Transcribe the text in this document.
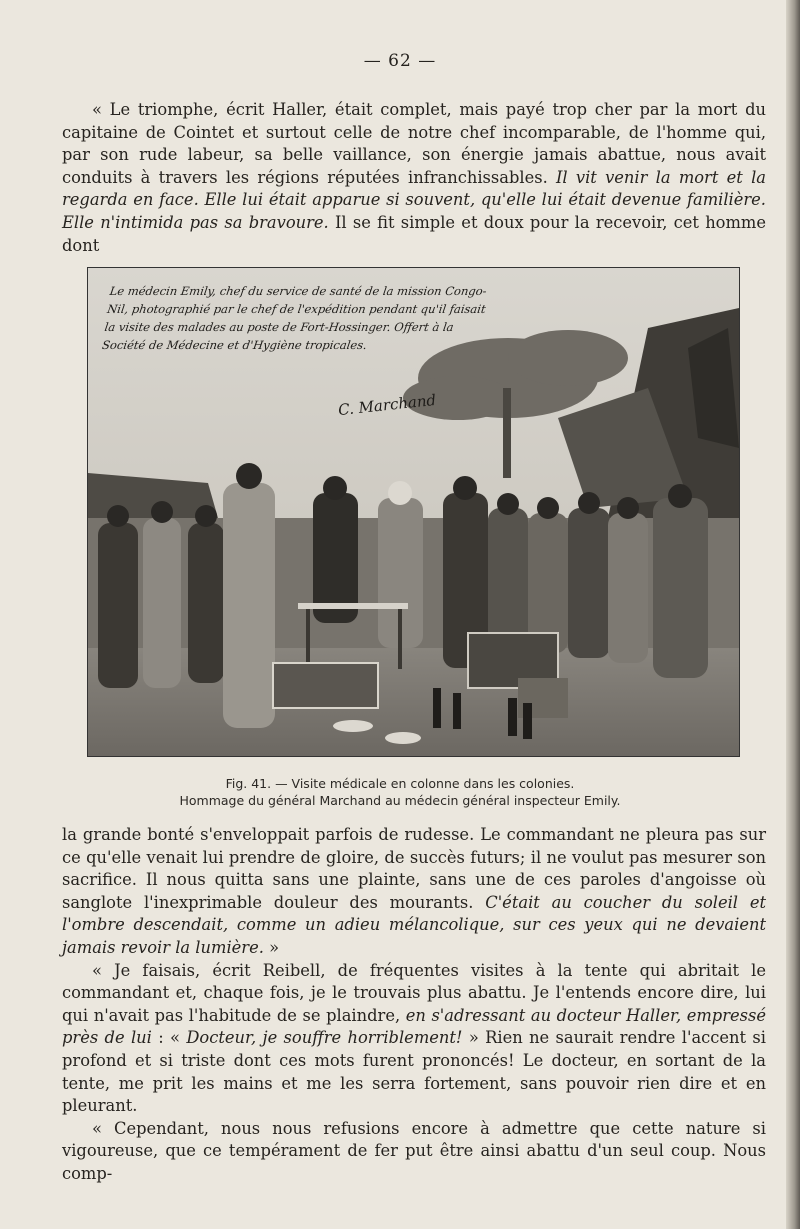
— 62 —

« Le triomphe, écrit Haller, était complet, mais payé trop cher par la mort du capitaine de Cointet et surtout celle de notre chef incomparable, de l'homme qui, par son rude labeur, sa belle vaillance, son énergie jamais abattue, nous avait conduits à travers les régions réputées infranchissables. Il vit venir la mort et la regarda en face. Elle lui était apparue si souvent, qu'elle lui était devenue familière. Elle n'intimida pas sa bravoure. Il se fit simple et doux pour la recevoir, cet homme dont

Le médecin Emily, chef du service de santé de la mission Congo-Nil, photographié par le chef de l'expédition pendant qu'il faisait la visite des malades au poste de Fort-Hossinger. Offert à la Société de Médecine et d'Hygiène tropicales.
C. Marchand
Fig. 41. — Visite médicale en colonne dans les colonies.
Hommage du général Marchand au médecin général inspecteur Emily.

la grande bonté s'enveloppait parfois de rudesse. Le commandant ne pleura pas sur ce qu'elle venait lui prendre de gloire, de succès futurs; il ne voulut pas mesurer son sacrifice. Il nous quitta sans une plainte, sans une de ces paroles d'angoisse où sanglote l'inexprimable douleur des mourants. C'était au coucher du soleil et l'ombre descendait, comme un adieu mélancolique, sur ces yeux qui ne devaient jamais revoir la lumière. »

« Je faisais, écrit Reibell, de fréquentes visites à la tente qui abritait le commandant et, chaque fois, je le trouvais plus abattu. Je l'entends encore dire, lui qui n'avait pas l'habitude de se plaindre, en s'adressant au docteur Haller, empressé près de lui : « Docteur, je souffre horriblement! » Rien ne saurait rendre l'accent si profond et si triste dont ces mots furent prononcés! Le docteur, en sortant de la tente, me prit les mains et me les serra fortement, sans pouvoir rien dire et en pleurant.

« Cependant, nous nous refusions encore à admettre que cette nature si vigoureuse, que ce tempérament de fer put être ainsi abattu d'un seul coup. Nous comp-
